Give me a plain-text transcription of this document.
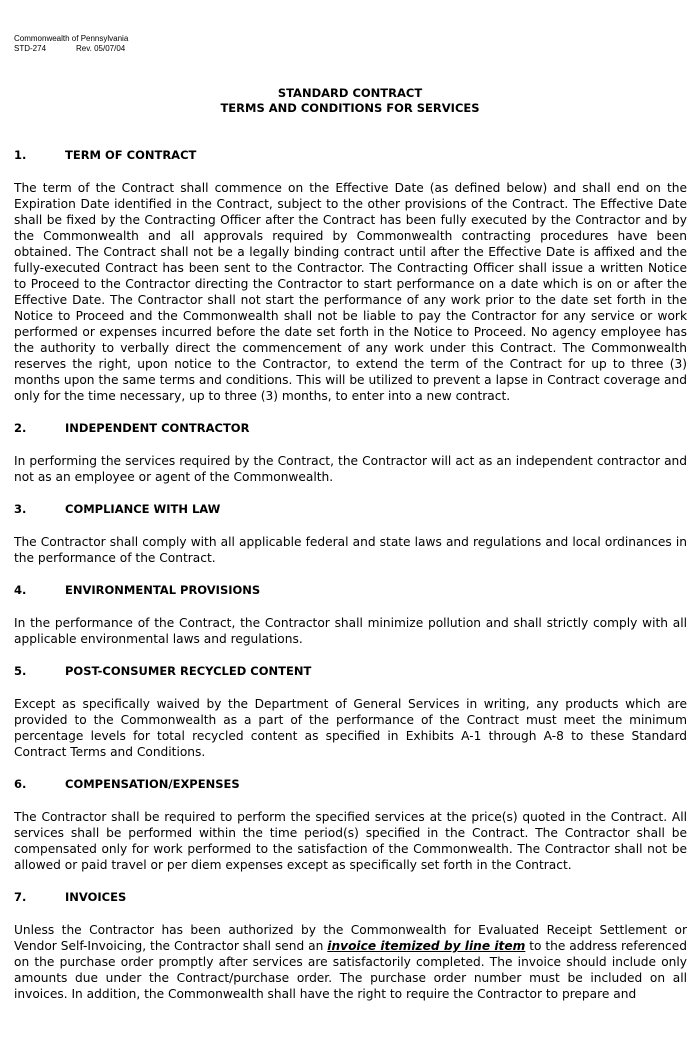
Commonwealth of Pennsylvania
STD-274	Rev. 05/07/04
STANDARD CONTRACT
TERMS AND CONDITIONS FOR SERVICES
1.	TERM OF CONTRACT

The term of the Contract shall commence on the Effective Date (as defined below) and shall end on the Expiration Date identified in the Contract, subject to the other provisions of the Contract. The Effective Date shall be fixed by the Contracting Officer after the Contract has been fully executed by the Contractor and by the Commonwealth and all approvals required by Commonwealth contracting procedures have been obtained. The Contract shall not be a legally binding contract until after the Effective Date is affixed and the fully-executed Contract has been sent to the Contractor. The Contracting Officer shall issue a written Notice to Proceed to the Contractor directing the Contractor to start performance on a date which is on or after the Effective Date. The Contractor shall not start the performance of any work prior to the date set forth in the Notice to Proceed and the Commonwealth shall not be liable to pay the Contractor for any service or work performed or expenses incurred before the date set forth in the Notice to Proceed. No agency employee has the authority to verbally direct the commencement of any work under this Contract. The Commonwealth reserves the right, upon notice to the Contractor, to extend the term of the Contract for up to three (3) months upon the same terms and conditions. This will be utilized to prevent a lapse in Contract coverage and only for the time necessary, up to three (3) months, to enter into a new contract.

2.	INDEPENDENT CONTRACTOR

In performing the services required by the Contract, the Contractor will act as an independent contractor and not as an employee or agent of the Commonwealth.

3.	COMPLIANCE WITH LAW

The Contractor shall comply with all applicable federal and state laws and regulations and local ordinances in the performance of the Contract.

4.	ENVIRONMENTAL PROVISIONS

In the performance of the Contract, the Contractor shall minimize pollution and shall strictly comply with all applicable environmental laws and regulations.

5.	POST-CONSUMER RECYCLED CONTENT

Except as specifically waived by the Department of General Services in writing, any products which are provided to the Commonwealth as a part of the performance of the Contract must meet the minimum percentage levels for total recycled content as specified in Exhibits A-1 through A-8 to these Standard Contract Terms and Conditions.

6.	COMPENSATION/EXPENSES

The Contractor shall be required to perform the specified services at the price(s) quoted in the Contract. All services shall be performed within the time period(s) specified in the Contract. The Contractor shall be compensated only for work performed to the satisfaction of the Commonwealth. The Contractor shall not be allowed or paid travel or per diem expenses except as specifically set forth in the Contract.

7.	INVOICES

Unless the Contractor has been authorized by the Commonwealth for Evaluated Receipt Settlement or Vendor Self-Invoicing, the Contractor shall send an invoice itemized by line item to the address referenced on the purchase order promptly after services are satisfactorily completed. The invoice should include only amounts due under the Contract/purchase order. The purchase order number must be included on all invoices. In addition, the Commonwealth shall have the right to require the Contractor to prepare and
